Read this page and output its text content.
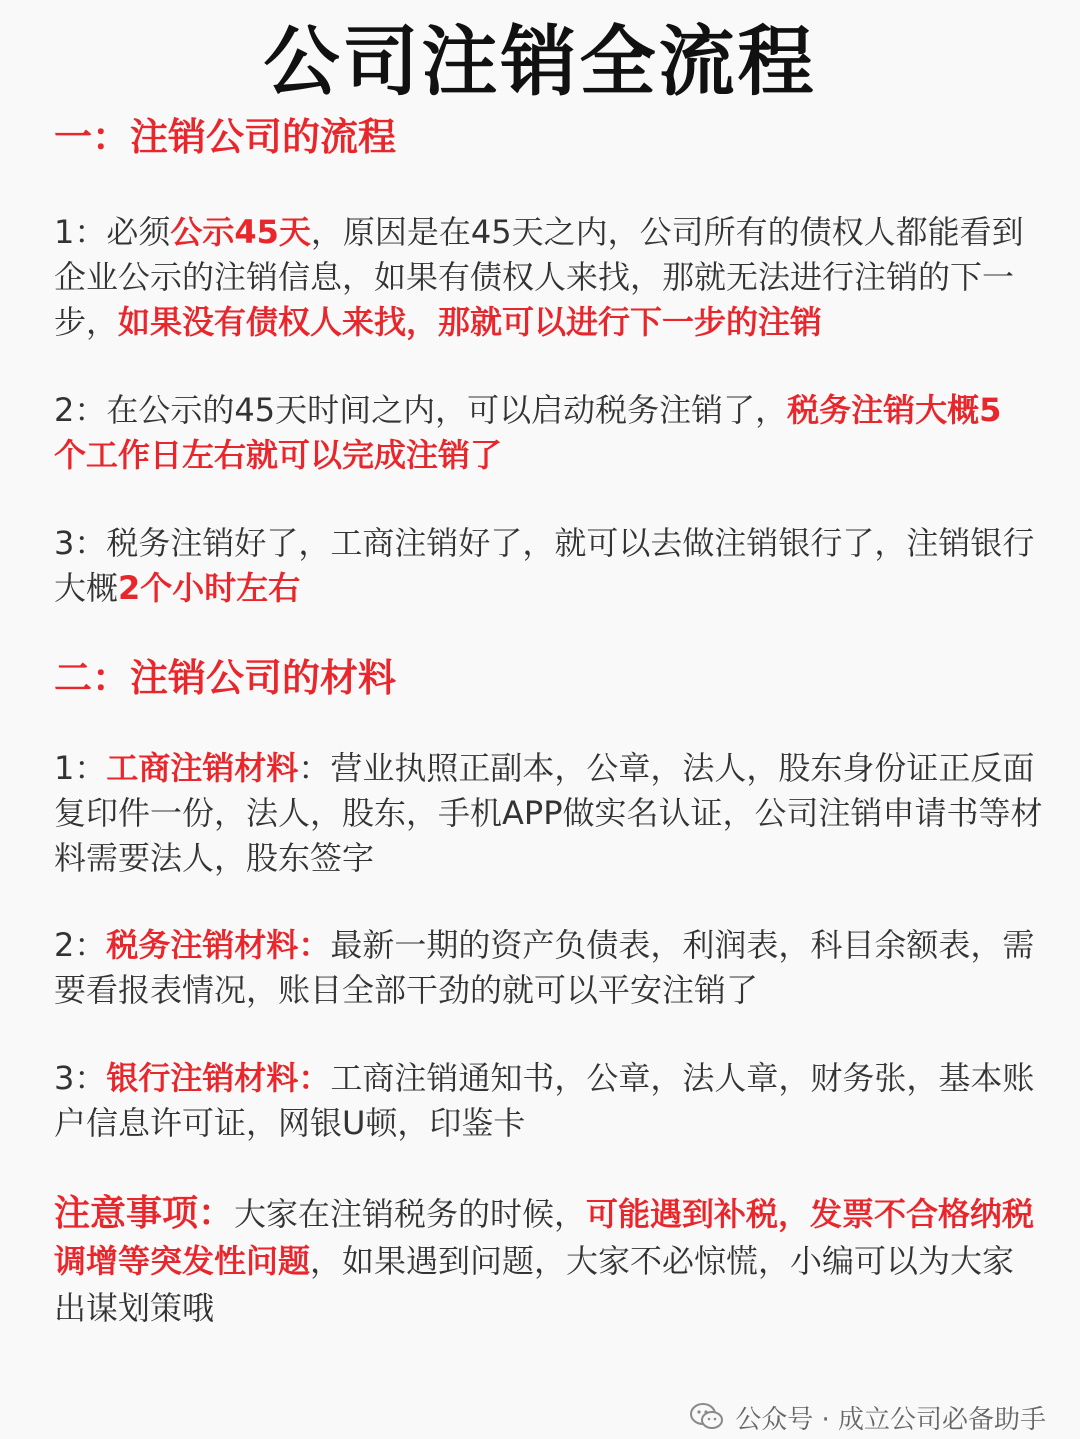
公司注销全流程
一：注销公司的流程
1：必须公示45天，原因是在45天之内，公司所有的债权人都能看到企业公示的注销信息，如果有债权人来找，那就无法进行注销的下一步，如果没有债权人来找，那就可以进行下一步的注销
2：在公示的45天时间之内，可以启动税务注销了，税务注销大概5 个工作日左右就可以完成注销了
3：税务注销好了，工商注销好了，就可以去做注销银行了，注销银行大概2个小时左右
二：注销公司的材料
1：工商注销材料：营业执照正副本，公章，法人，股东身份证正反面复印件一份，法人，股东，手机APP做实名认证，公司注销申请书等材料需要法人，股东签字
2：税务注销材料：最新一期的资产负债表，利润表，科目余额表，需要看报表情况，账目全部干劲的就可以平安注销了
3：银行注销材料：工商注销通知书，公章，法人章，财务张，基本账户信息许可证，网银U顿，印鉴卡
注意事项：大家在注销税务的时候，可能遇到补税，发票不合格纳税调增等突发性问题，如果遇到问题，大家不必惊慌，小编可以为大家出谋划策哦
公众号 · 成立公司必备助手
